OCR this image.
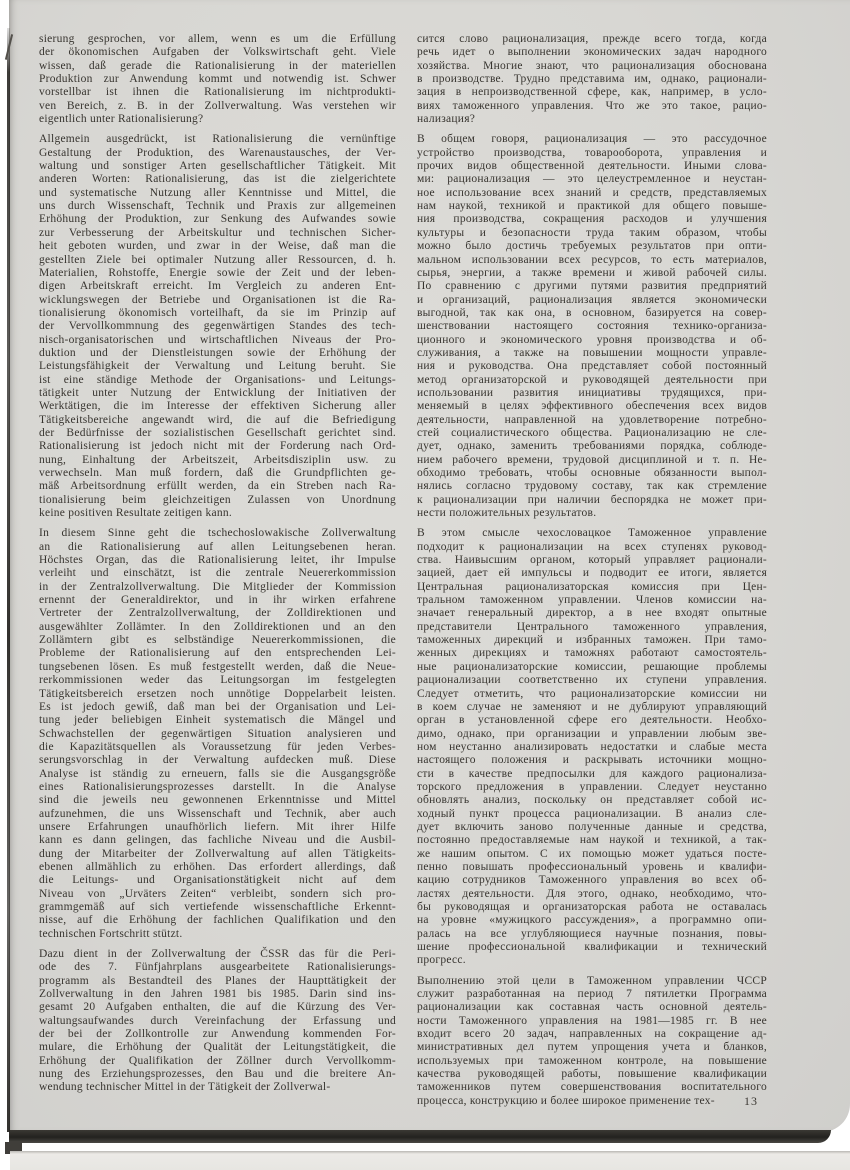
sierung gesprochen, vor allem, wenn es um die Erfüllung
der ökonomischen Aufgaben der Volkswirtschaft geht. Viele
wissen, daß gerade die Rationalisierung in der materiellen
Produktion zur Anwendung kommt und notwendig ist. Schwer
vorstellbar ist ihnen die Rationalisierung im nichtprodukti-
ven Bereich, z. B. in der Zollverwaltung. Was verstehen wir
eigentlich unter Rationalisierung?
Allgemein ausgedrückt, ist Rationalisierung die vernünftige
Gestaltung der Produktion, des Warenaustausches, der Ver-
waltung und sonstiger Arten gesellschaftlicher Tätigkeit. Mit
anderen Worten: Rationalisierung, das ist die zielgerichtete
und systematische Nutzung aller Kenntnisse und Mittel, die
uns durch Wissenschaft, Technik und Praxis zur allgemeinen
Erhöhung der Produktion, zur Senkung des Aufwandes sowie
zur Verbesserung der Arbeitskultur und technischen Sicher-
heit geboten wurden, und zwar in der Weise, daß man die
gestellten Ziele bei optimaler Nutzung aller Ressourcen, d. h.
Materialien, Rohstoffe, Energie sowie der Zeit und der leben-
digen Arbeitskraft erreicht. Im Vergleich zu anderen Ent-
wicklungswegen der Betriebe und Organisationen ist die Ra-
tionalisierung ökonomisch vorteilhaft, da sie im Prinzip auf
der Vervollkommnung des gegenwärtigen Standes des tech-
nisch-organisatorischen und wirtschaftlichen Niveaus der Pro-
duktion und der Dienstleistungen sowie der Erhöhung der
Leistungsfähigkeit der Verwaltung und Leitung beruht. Sie
ist eine ständige Methode der Organisations- und Leitungs-
tätigkeit unter Nutzung der Entwicklung der Initiativen der
Werktätigen, die im Interesse der effektiven Sicherung aller
Tätigkeitsbereiche angewandt wird, die auf die Befriedigung
der Bedürfnisse der sozialistischen Gesellschaft gerichtet sind.
Rationalisierung ist jedoch nicht mit der Forderung nach Ord-
nung, Einhaltung der Arbeitszeit, Arbeitsdisziplin usw. zu
verwechseln. Man muß fordern, daß die Grundpflichten ge-
mäß Arbeitsordnung erfüllt werden, da ein Streben nach Ra-
tionalisierung beim gleichzeitigen Zulassen von Unordnung
keine positiven Resultate zeitigen kann.
In diesem Sinne geht die tschechoslowakische Zollverwaltung
an die Rationalisierung auf allen Leitungsebenen heran.
Höchstes Organ, das die Rationalisierung leitet, ihr Impulse
verleiht und einschätzt, ist die zentrale Neuererkommission
in der Zentralzollverwaltung. Die Mitglieder der Kommission
ernennt der Generaldirektor, und in ihr wirken erfahrene
Vertreter der Zentralzollverwaltung, der Zolldirektionen und
ausgewählter Zollämter. In den Zolldirektionen und an den
Zollämtern gibt es selbständige Neuererkommissionen, die
Probleme der Rationalisierung auf den entsprechenden Lei-
tungsebenen lösen. Es muß festgestellt werden, daß die Neue-
rerkommissionen weder das Leitungsorgan im festgelegten
Tätigkeitsbereich ersetzen noch unnötige Doppelarbeit leisten.
Es ist jedoch gewiß, daß man bei der Organisation und Lei-
tung jeder beliebigen Einheit systematisch die Mängel und
Schwachstellen der gegenwärtigen Situation analysieren und
die Kapazitätsquellen als Voraussetzung für jeden Verbes-
serungsvorschlag in der Verwaltung aufdecken muß. Diese
Analyse ist ständig zu erneuern, falls sie die Ausgangsgröße
eines Rationalisierungsprozesses darstellt. In die Analyse
sind die jeweils neu gewonnenen Erkenntnisse und Mittel
aufzunehmen, die uns Wissenschaft und Technik, aber auch
unsere Erfahrungen unaufhörlich liefern. Mit ihrer Hilfe
kann es dann gelingen, das fachliche Niveau und die Ausbil-
dung der Mitarbeiter der Zollverwaltung auf allen Tätigkeits-
ebenen allmählich zu erhöhen. Das erfordert allerdings, daß
die Leitungs- und Organisationstätigkeit nicht auf dem
Niveau von „Urväters Zeiten“ verbleibt, sondern sich pro-
grammgemäß auf sich vertiefende wissenschaftliche Erkennt-
nisse, auf die Erhöhung der fachlichen Qualifikation und den
technischen Fortschritt stützt.
Dazu dient in der Zollverwaltung der ČSSR das für die Peri-
ode des 7. Fünfjahrplans ausgearbeitete Rationalisierungs-
programm als Bestandteil des Planes der Haupttätigkeit der
Zollverwaltung in den Jahren 1981 bis 1985. Darin sind ins-
gesamt 20 Aufgaben enthalten, die auf die Kürzung des Ver-
waltungsaufwandes durch Vereinfachung der Erfassung und
der bei der Zollkontrolle zur Anwendung kommenden For-
mulare, die Erhöhung der Qualität der Leitungstätigkeit, die
Erhöhung der Qualifikation der Zöllner durch Vervollkomm-
nung des Erziehungsprozesses, den Bau und die breitere An-
wendung technischer Mittel in der Tätigkeit der Zollverwal-
сится слово рационализация, прежде всего тогда, когда
речь идет о выполнении экономических задач народного
хозяйства. Многие знают, что рационализация обоснована
в производстве. Трудно представима им, однако, рационали-
зация в непроизводственной сфере, как, например, в усло-
виях таможенного управления. Что же это такое, рацио-
нализация?
В общем говоря, рационализация — это рассудочное
устройство производства, товарооборота, управления и
прочих видов общественной деятельности. Иными слова-
ми: рационализация — это целеустремленное и неустан-
ное использование всех знаний и средств, представляемых
нам наукой, техникой и практикой для общего повыше-
ния производства, сокращения расходов и улучшения
культуры и безопасности труда таким образом, чтобы
можно было достичь требуемых результатов при опти-
мальном использовании всех ресурсов, то есть материалов,
сырья, энергии, а также времени и живой рабочей силы.
По сравнению с другими путями развития предприятий
и организаций, рационализация является экономически
выгодной, так как она, в основном, базируется на совер-
шенствовании настоящего состояния технико-организа-
ционного и экономического уровня производства и об-
служивания, а также на повышении мощности управле-
ния и руководства. Она представляет собой постоянный
метод организаторской и руководящей деятельности при
использовании развития инициативы трудящихся, при-
меняемый в целях эффективного обеспечения всех видов
деятельности, направленной на удовлетворение потребно-
стей социалистического общества. Рационализацию не сле-
дует, однако, заменить требованиями порядка, соблюде-
нием рабочего времени, трудовой дисциплиной и т. п. Не-
обходимо требовать, чтобы основные обязанности выпол-
нялись согласно трудовому составу, так как стремление
к рационализации при наличии беспорядка не может при-
нести положительных результатов.
В этом смысле чехословацкое Таможенное управление
подходит к рационализации на всех ступенях руковод-
ства. Наивысшим органом, который управляет рационали-
зацией, дает ей импульсы и подводит ее итоги, является
Центральная рационализаторская комиссия при Цен-
тральном таможенном управлении. Членов комиссии на-
значает генеральный директор, а в нее входят опытные
представители Центрального таможенного управления,
таможенных дирекций и избранных таможен. При тамо-
женных дирекциях и таможнях работают самостоятель-
ные рационализаторские комиссии, решающие проблемы
рационализации соответственно их ступени управления.
Следует отметить, что рационализаторские комиссии ни
в коем случае не заменяют и не дублируют управляющий
орган в установленной сфере его деятельности. Необхо-
димо, однако, при организации и управлении любым зве-
ном неустанно анализировать недостатки и слабые места
настоящего положения и раскрывать источники мощно-
сти в качестве предпосылки для каждого рационализа-
торского предложения в управлении. Следует неустанно
обновлять анализ, поскольку он представляет собой ис-
ходный пункт процесса рационализации. В анализ сле-
дует включить заново полученные данные и средства,
постоянно предоставляемые нам наукой и техникой, а так-
же нашим опытом. С их помощью может удаться посте-
пенно повышать профессиональный уровень и квалифи-
кацию сотрудников Таможенного управления во всех об-
ластях деятельности. Для этого, однако, необходимо, что-
бы руководящая и организаторская работа не оставалась
на уровне «мужицкого рассуждения», а программно опи-
ралась на все углубляющиеся научные познания, повы-
шение профессиональной квалификации и технический
прогресс.
Выполнению этой цели в Таможенном управлении ЧССР
служит разработанная на период 7 пятилетки Программа
рационализации как составная часть основной деятель-
ности Таможенного управления на 1981—1985 гг. В нее
входит всего 20 задач, направленных на сокращение ад-
министративных дел путем упрощения учета и бланков,
используемых при таможенном контроле, на повышение
качества руководящей работы, повышение квалификации
таможенников путем совершенствования воспитательного
процесса, конструкцию и более широкое применение тех-	13
